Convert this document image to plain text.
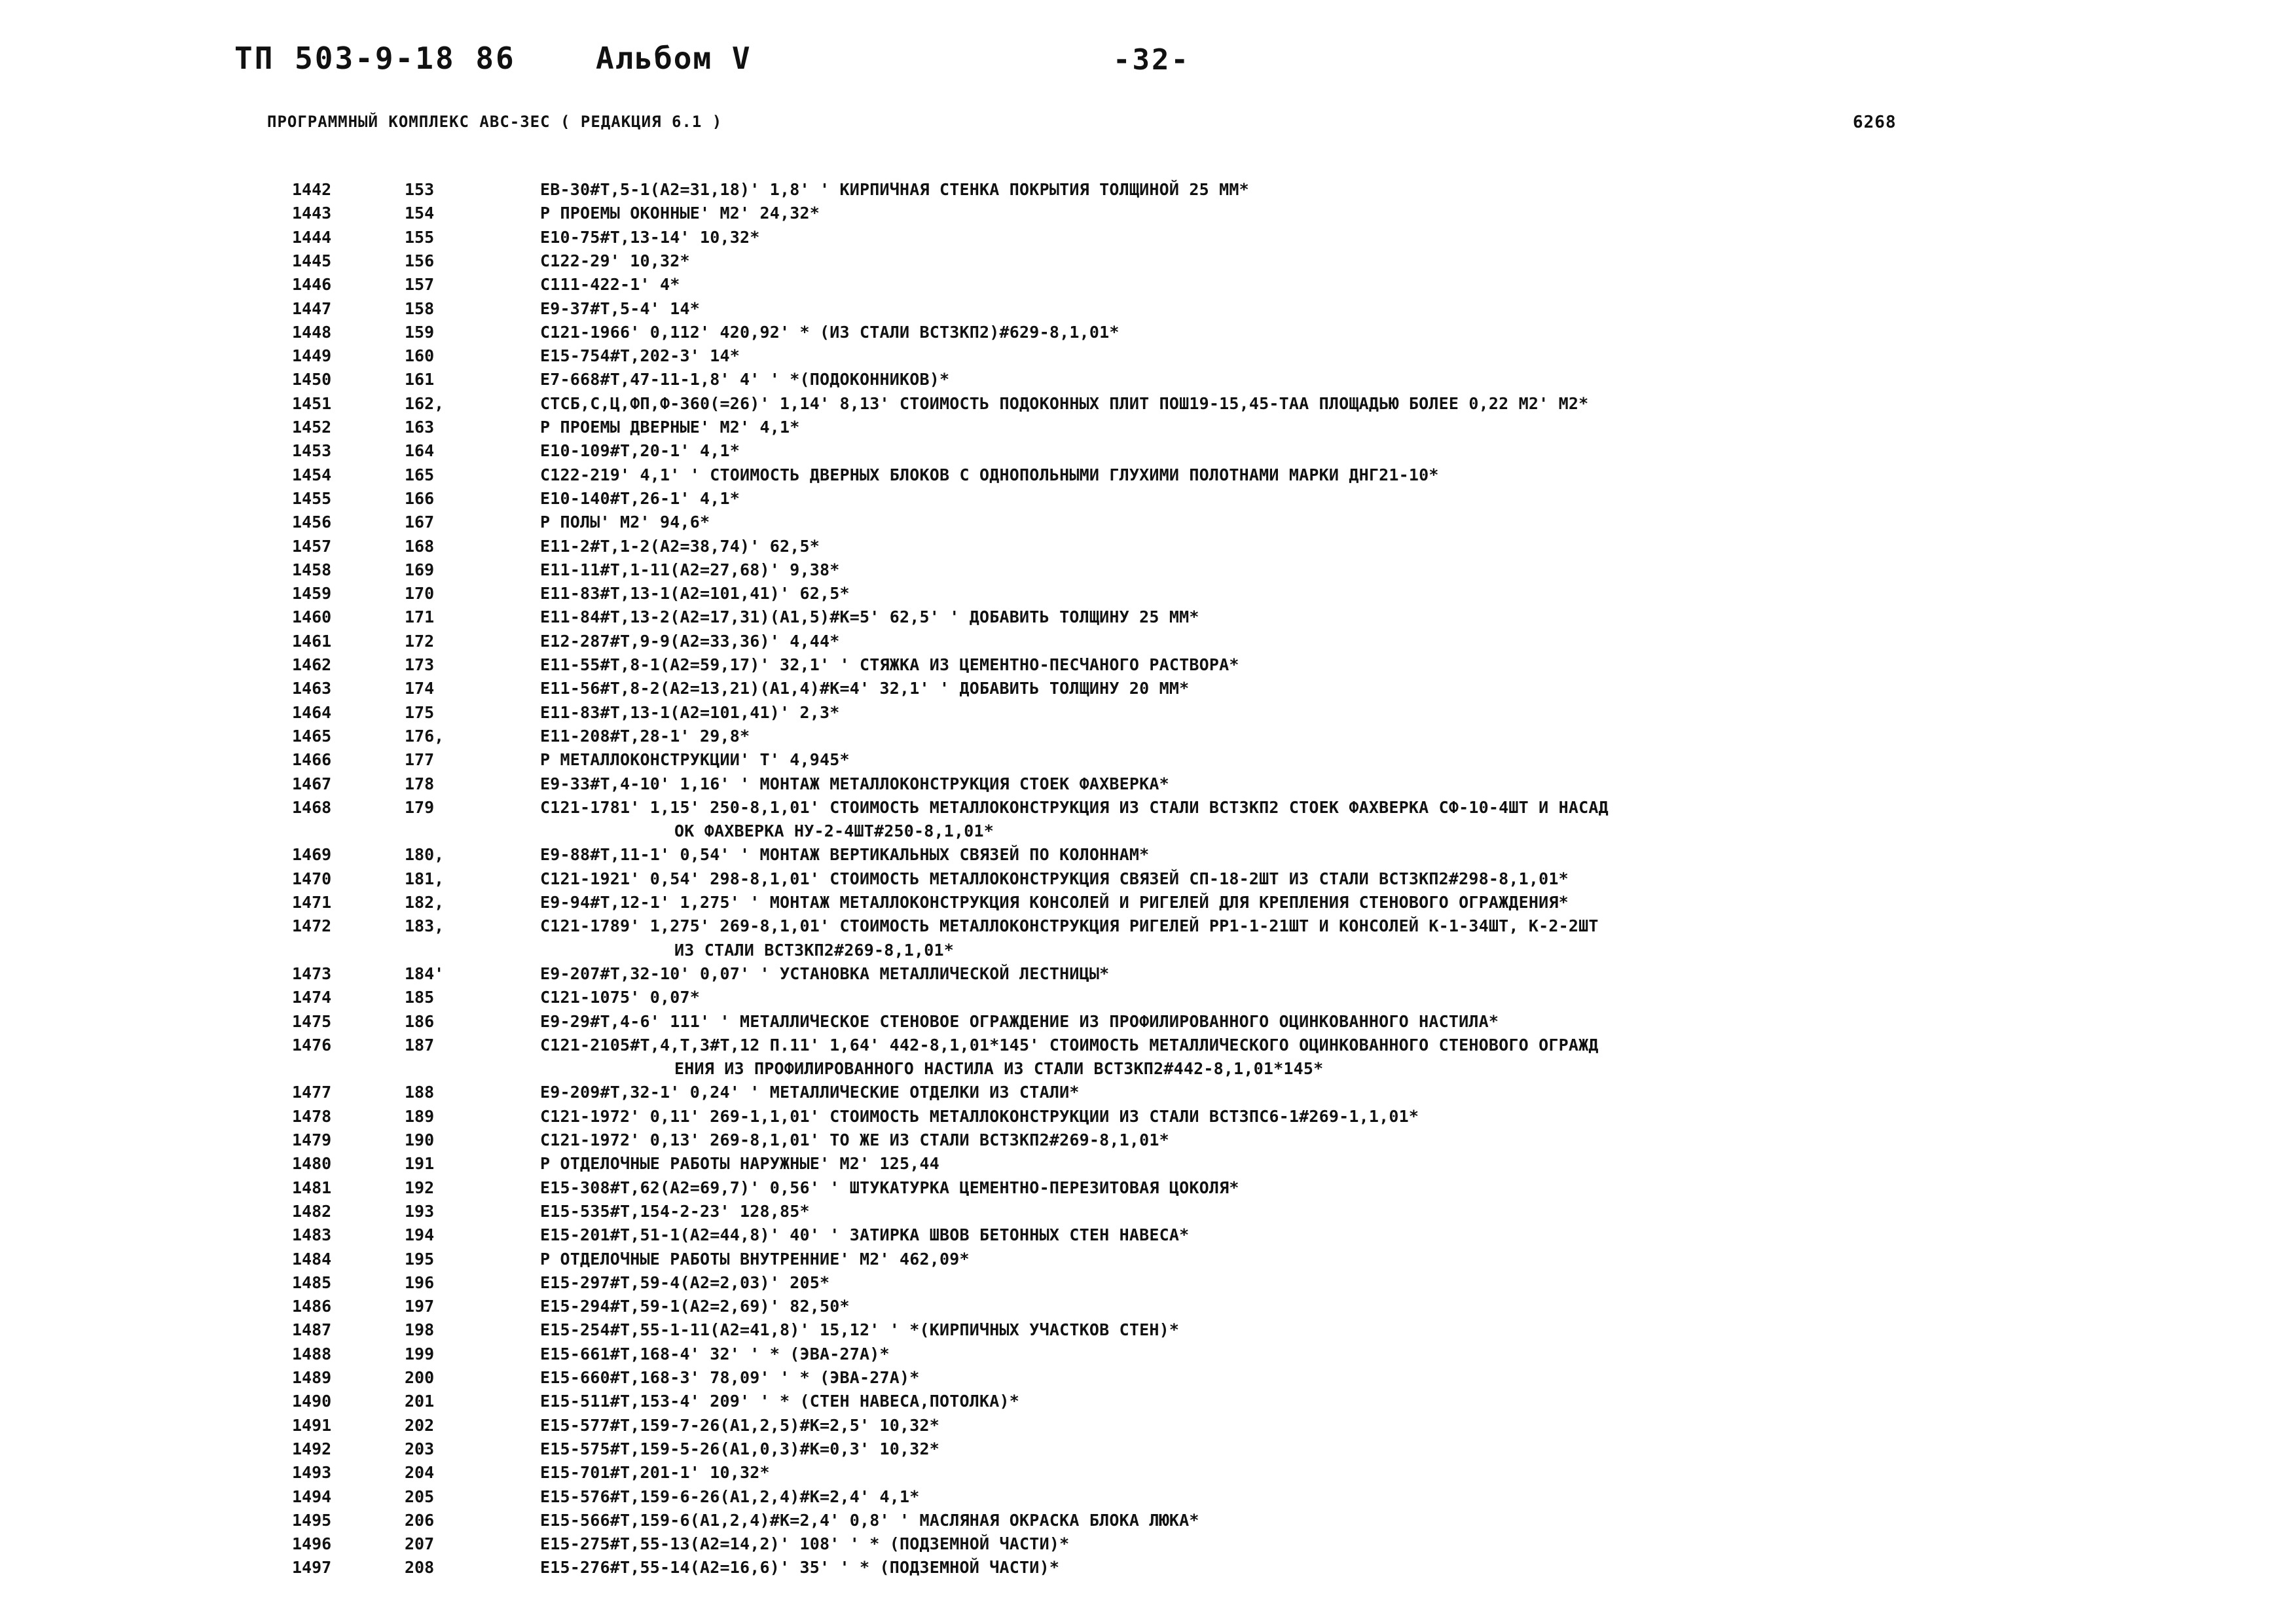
ТП 503-9-18 86	Альбом V	-32-
ПРОГРАММНЫЙ КОМПЛЕКС АВС-3ЕС ( РЕДАКЦИЯ 6.1 )	6268
1442	153	ЕВ-30#Т,5-1(А2=31,18)' 1,8' ' КИРПИЧНАЯ СТЕНКА ПОКРЫТИЯ ТОЛЩИНОЙ 25 ММ*
1443	154	Р ПРОЕМЫ ОКОННЫЕ' М2' 24,32*
1444	155	Е10-75#Т,13-14' 10,32*
1445	156	С122-29' 10,32*
1446	157	С111-422-1' 4*
1447	158	Е9-37#Т,5-4' 14*
1448	159	С121-1966' 0,112' 420,92' * (ИЗ СТАЛИ ВСТ3КП2)#629-8,1,01*
1449	160	Е15-754#Т,202-3' 14*
1450	161	Е7-668#Т,47-11-1,8' 4' ' *(ПОДОКОННИКОВ)*
1451	162,	СТСБ,С,Ц,ФП,Ф-360(=26)' 1,14' 8,13' СТОИМОСТЬ ПОДОКОННЫХ ПЛИТ ПОШ19-15,45-ТАА ПЛОЩАДЬЮ БОЛЕЕ 0,22 М2' М2*
1452	163	Р ПРОЕМЫ ДВЕРНЫЕ' М2' 4,1*
1453	164	Е10-109#Т,20-1' 4,1*
1454	165	С122-219' 4,1' ' СТОИМОСТЬ ДВЕРНЫХ БЛОКОВ С ОДНОПОЛЬНЫМИ ГЛУХИМИ ПОЛОТНАМИ МАРКИ ДНГ21-10*
1455	166	Е10-140#Т,26-1' 4,1*
1456	167	Р ПОЛЫ' М2' 94,6*
1457	168	Е11-2#Т,1-2(А2=38,74)' 62,5*
1458	169	Е11-11#Т,1-11(А2=27,68)' 9,38*
1459	170	Е11-83#Т,13-1(А2=101,41)' 62,5*
1460	171	Е11-84#Т,13-2(А2=17,31)(А1,5)#К=5' 62,5' ' ДОБАВИТЬ ТОЛЩИНУ 25 ММ*
1461	172	Е12-287#Т,9-9(А2=33,36)' 4,44*
1462	173	Е11-55#Т,8-1(А2=59,17)' 32,1' ' СТЯЖКА ИЗ ЦЕМЕНТНО-ПЕСЧАНОГО РАСТВОРА*
1463	174	Е11-56#Т,8-2(А2=13,21)(А1,4)#К=4' 32,1' ' ДОБАВИТЬ ТОЛЩИНУ 20 ММ*
1464	175	Е11-83#Т,13-1(А2=101,41)' 2,3*
1465	176,	Е11-208#Т,28-1' 29,8*
1466	177	Р МЕТАЛЛОКОНСТРУКЦИИ' Т' 4,945*
1467	178	Е9-33#Т,4-10' 1,16' ' МОНТАЖ МЕТАЛЛОКОНСТРУКЦИЯ СТОЕК ФАХВЕРКА*
1468	179	С121-1781' 1,15' 250-8,1,01' СТОИМОСТЬ МЕТАЛЛОКОНСТРУКЦИЯ ИЗ СТАЛИ ВСТ3КП2 СТОЕК ФАХВЕРКА СФ-10-4ШТ И НАСАД
ОК ФАХВЕРКА НУ-2-4ШТ#250-8,1,01*
1469	180,	Е9-88#Т,11-1' 0,54' ' МОНТАЖ ВЕРТИКАЛЬНЫХ СВЯЗЕЙ ПО КОЛОННАМ*
1470	181,	С121-1921' 0,54' 298-8,1,01' СТОИМОСТЬ МЕТАЛЛОКОНСТРУКЦИЯ СВЯЗЕЙ СП-18-2ШТ ИЗ СТАЛИ ВСТ3КП2#298-8,1,01*
1471	182,	Е9-94#Т,12-1' 1,275' ' МОНТАЖ МЕТАЛЛОКОНСТРУКЦИЯ КОНСОЛЕЙ И РИГЕЛЕЙ ДЛЯ КРЕПЛЕНИЯ СТЕНОВОГО ОГРАЖДЕНИЯ*
1472	183,	С121-1789' 1,275' 269-8,1,01' СТОИМОСТЬ МЕТАЛЛОКОНСТРУКЦИЯ РИГЕЛЕЙ РР1-1-21ШТ И КОНСОЛЕЙ К-1-34ШТ, К-2-2ШТ
ИЗ СТАЛИ ВСТ3КП2#269-8,1,01*
1473	184'	Е9-207#Т,32-10' 0,07' ' УСТАНОВКА МЕТАЛЛИЧЕСКОЙ ЛЕСТНИЦЫ*
1474	185	С121-1075' 0,07*
1475	186	Е9-29#Т,4-6' 111' ' МЕТАЛЛИЧЕСКОЕ СТЕНОВОЕ ОГРАЖДЕНИЕ ИЗ ПРОФИЛИРОВАННОГО ОЦИНКОВАННОГО НАСТИЛА*
1476	187	С121-2105#Т,4,Т,3#Т,12 П.11' 1,64' 442-8,1,01*145' СТОИМОСТЬ МЕТАЛЛИЧЕСКОГО ОЦИНКОВАННОГО СТЕНОВОГО ОГРАЖД
ЕНИЯ ИЗ ПРОФИЛИРОВАННОГО НАСТИЛА ИЗ СТАЛИ ВСТ3КП2#442-8,1,01*145*
1477	188	Е9-209#Т,32-1' 0,24' ' МЕТАЛЛИЧЕСКИЕ ОТДЕЛКИ ИЗ СТАЛИ*
1478	189	С121-1972' 0,11' 269-1,1,01' СТОИМОСТЬ МЕТАЛЛОКОНСТРУКЦИИ ИЗ СТАЛИ ВСТ3ПС6-1#269-1,1,01*
1479	190	С121-1972' 0,13' 269-8,1,01' ТО ЖЕ ИЗ СТАЛИ ВСТ3КП2#269-8,1,01*
1480	191	Р ОТДЕЛОЧНЫЕ РАБОТЫ НАРУЖНЫЕ' М2' 125,44
1481	192	Е15-308#Т,62(А2=69,7)' 0,56' ' ШТУКАТУРКА ЦЕМЕНТНО-ПЕРЕЗИТОВАЯ ЦОКОЛЯ*
1482	193	Е15-535#Т,154-2-23' 128,85*
1483	194	Е15-201#Т,51-1(А2=44,8)' 40' ' ЗАТИРКА ШВОВ БЕТОННЫХ СТЕН НАВЕСА*
1484	195	Р ОТДЕЛОЧНЫЕ РАБОТЫ ВНУТРЕННИЕ' М2' 462,09*
1485	196	Е15-297#Т,59-4(А2=2,03)' 205*
1486	197	Е15-294#Т,59-1(А2=2,69)' 82,50*
1487	198	Е15-254#Т,55-1-11(А2=41,8)' 15,12' ' *(КИРПИЧНЫХ УЧАСТКОВ СТЕН)*
1488	199	Е15-661#Т,168-4' 32' ' * (ЭВА-27А)*
1489	200	Е15-660#Т,168-3' 78,09' ' * (ЭВА-27А)*
1490	201	Е15-511#Т,153-4' 209' ' * (СТЕН НАВЕСА,ПОТОЛКА)*
1491	202	Е15-577#Т,159-7-26(А1,2,5)#К=2,5' 10,32*
1492	203	Е15-575#Т,159-5-26(А1,0,3)#К=0,3' 10,32*
1493	204	Е15-701#Т,201-1' 10,32*
1494	205	Е15-576#Т,159-6-26(А1,2,4)#К=2,4' 4,1*
1495	206	Е15-566#Т,159-6(А1,2,4)#К=2,4' 0,8' ' МАСЛЯНАЯ ОКРАСКА БЛОКА ЛЮКА*
1496	207	Е15-275#Т,55-13(А2=14,2)' 108' ' * (ПОДЗЕМНОЙ ЧАСТИ)*
1497	208	Е15-276#Т,55-14(А2=16,6)' 35' ' * (ПОДЗЕМНОЙ ЧАСТИ)*
